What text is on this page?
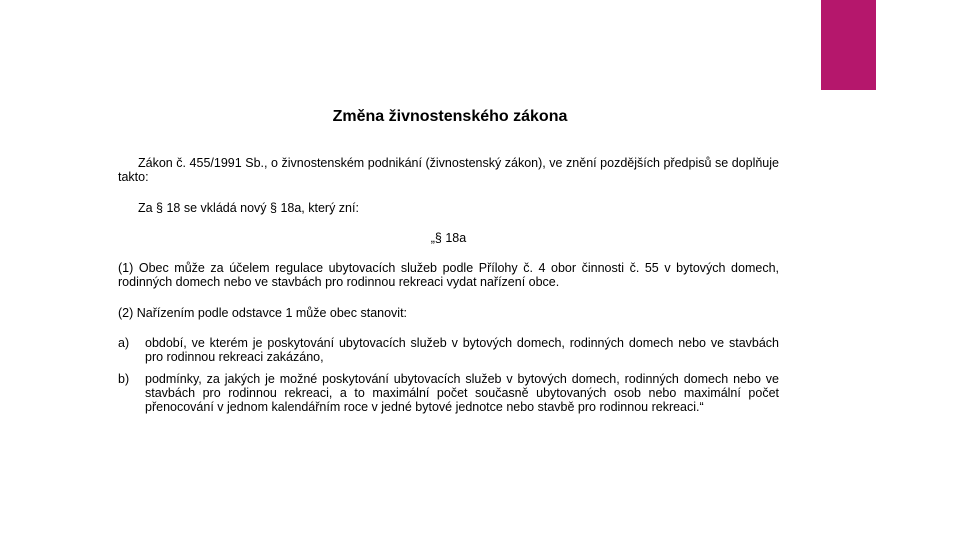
Změna živnostenského zákona

Zákon č. 455/1991 Sb., o živnostenském podnikání (živnostenský zákon), ve znění pozdějších předpisů se doplňuje takto:

Za § 18 se vkládá nový § 18a, který zní:

„§ 18a

(1) Obec může za účelem regulace ubytovacích služeb podle Přílohy č. 4 obor činnosti č. 55 v bytových domech, rodinných domech nebo ve stavbách pro rodinnou rekreaci vydat nařízení obce.

(2) Nařízením podle odstavce 1 může obec stanovit:

a)	období, ve kterém je poskytování ubytovacích služeb v bytových domech, rodinných domech nebo ve stavbách pro rodinnou rekreaci zakázáno,
b)	podmínky, za jakých je možné poskytování ubytovacích služeb v bytových domech, rodinných domech nebo ve stavbách pro rodinnou rekreaci, a to maximální počet současně ubytovaných osob nebo maximální počet přenocování v jednom kalendářním roce v jedné bytové jednotce nebo stavbě pro rodinnou rekreaci.“
